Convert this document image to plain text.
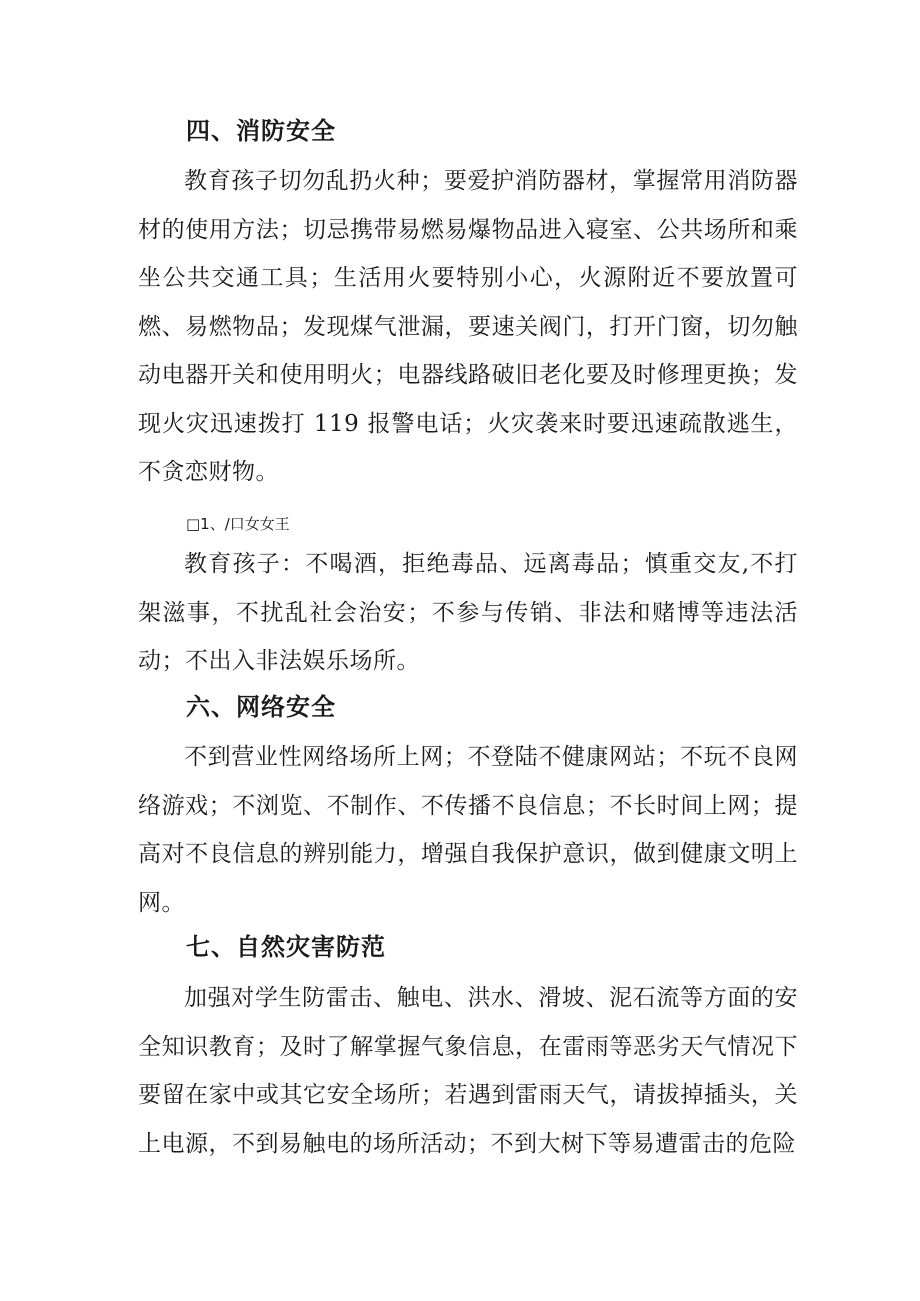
四、消防安全

教育孩子切勿乱扔火种；要爱护消防器材，掌握常用消防器材的使用方法；切忌携带易燃易爆物品进入寝室、公共场所和乘坐公共交通工具；生活用火要特别小心，火源附近不要放置可燃、易燃物品；发现煤气泄漏，要速关阀门，打开门窗，切勿触动电器开关和使用明火；电器线路破旧老化要及时修理更换；发现火灾迅速拨打 119 报警电话；火灾袭来时要迅速疏散逃生，不贪恋财物。

□1、/口女女王

教育孩子：不喝酒，拒绝毒品、远离毒品；慎重交友,不打架滋事，不扰乱社会治安；不参与传销、非法和赌博等违法活动；不出入非法娱乐场所。

六、网络安全

不到营业性网络场所上网；不登陆不健康网站；不玩不良网络游戏；不浏览、不制作、不传播不良信息；不长时间上网；提高对不良信息的辨别能力，增强自我保护意识，做到健康文明上网。

七、自然灾害防范

加强对学生防雷击、触电、洪水、滑坡、泥石流等方面的安全知识教育；及时了解掌握气象信息，在雷雨等恶劣天气情况下要留在家中或其它安全场所；若遇到雷雨天气，请拔掉插头，关上电源，不到易触电的场所活动；不到大树下等易遭雷击的危险
